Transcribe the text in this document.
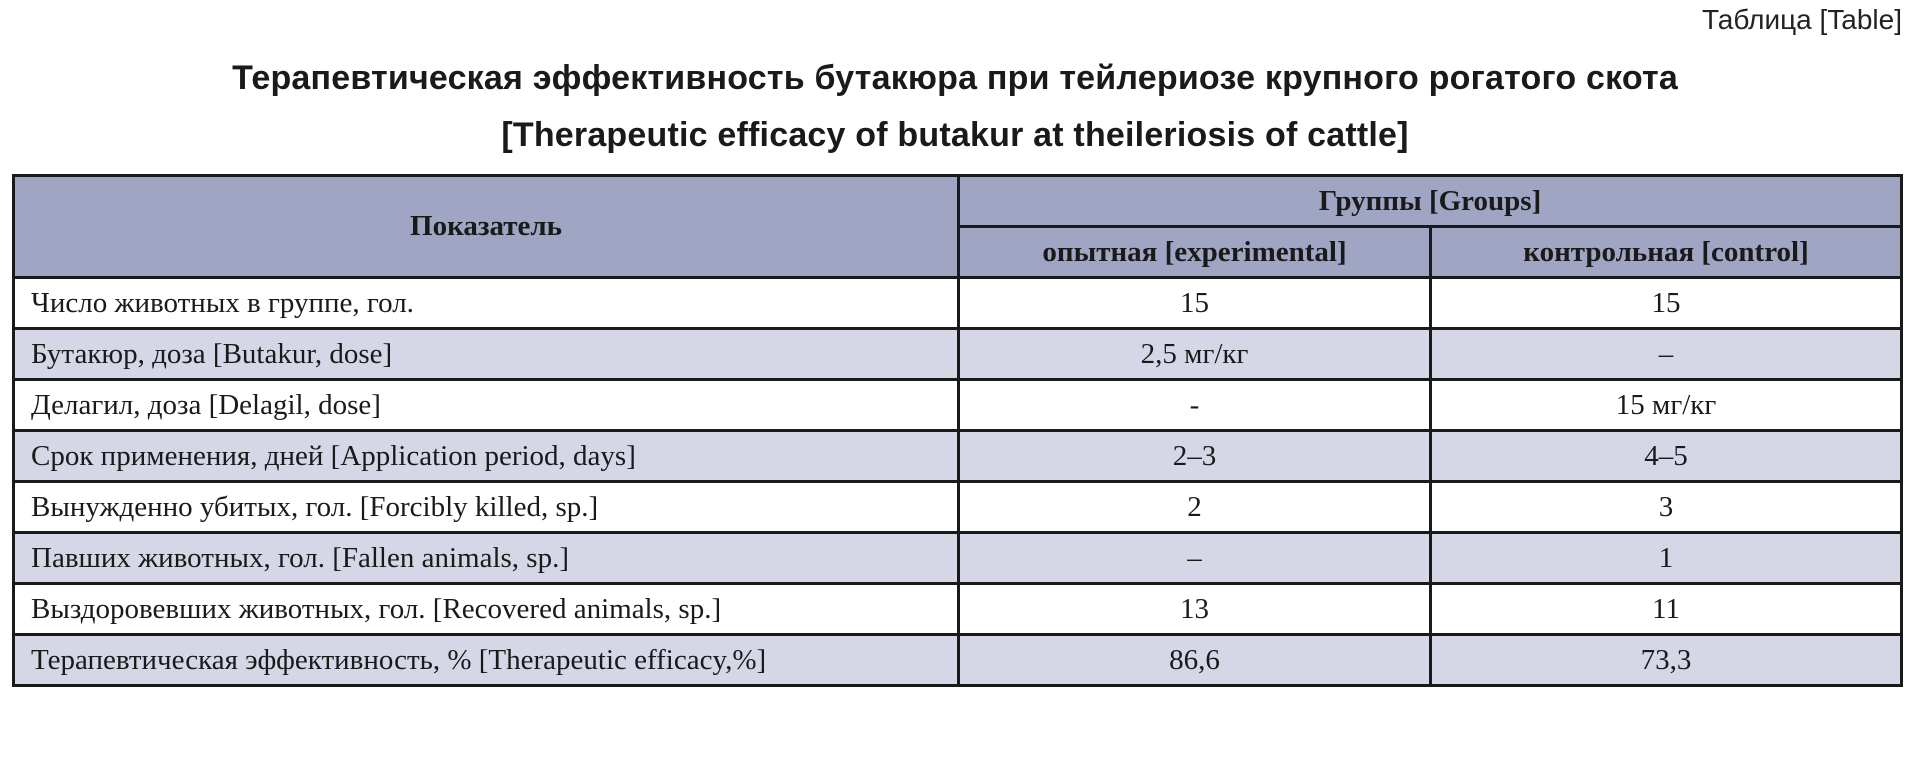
Таблица [Table]
Терапевтическая эффективность бутакюра при тейлериозе крупного рогатого скота
[Therapeutic efficacy of butakur at theileriosis of cattle]
Показатель	Группы [Groups]	
	опытная [experimental]	контрольная [control]
Число животных в группе, гол.	15	15
Бутакюр, доза [Butakur, dose]	2,5 мг/кг	–
Делагил, доза [Delagil, dose]	-	15 мг/кг
Срок применения, дней [Application period, days]	2–3	4–5
Вынужденно убитых, гол. [Forcibly killed, sp.]	2	3
Павших животных, гол. [Fallen animals, sp.]	–	1
Выздоровевших животных, гол. [Recovered animals, sp.]	13	11
Терапевтическая эффективность, % [Therapeutic efficacy,%]	86,6	73,3
